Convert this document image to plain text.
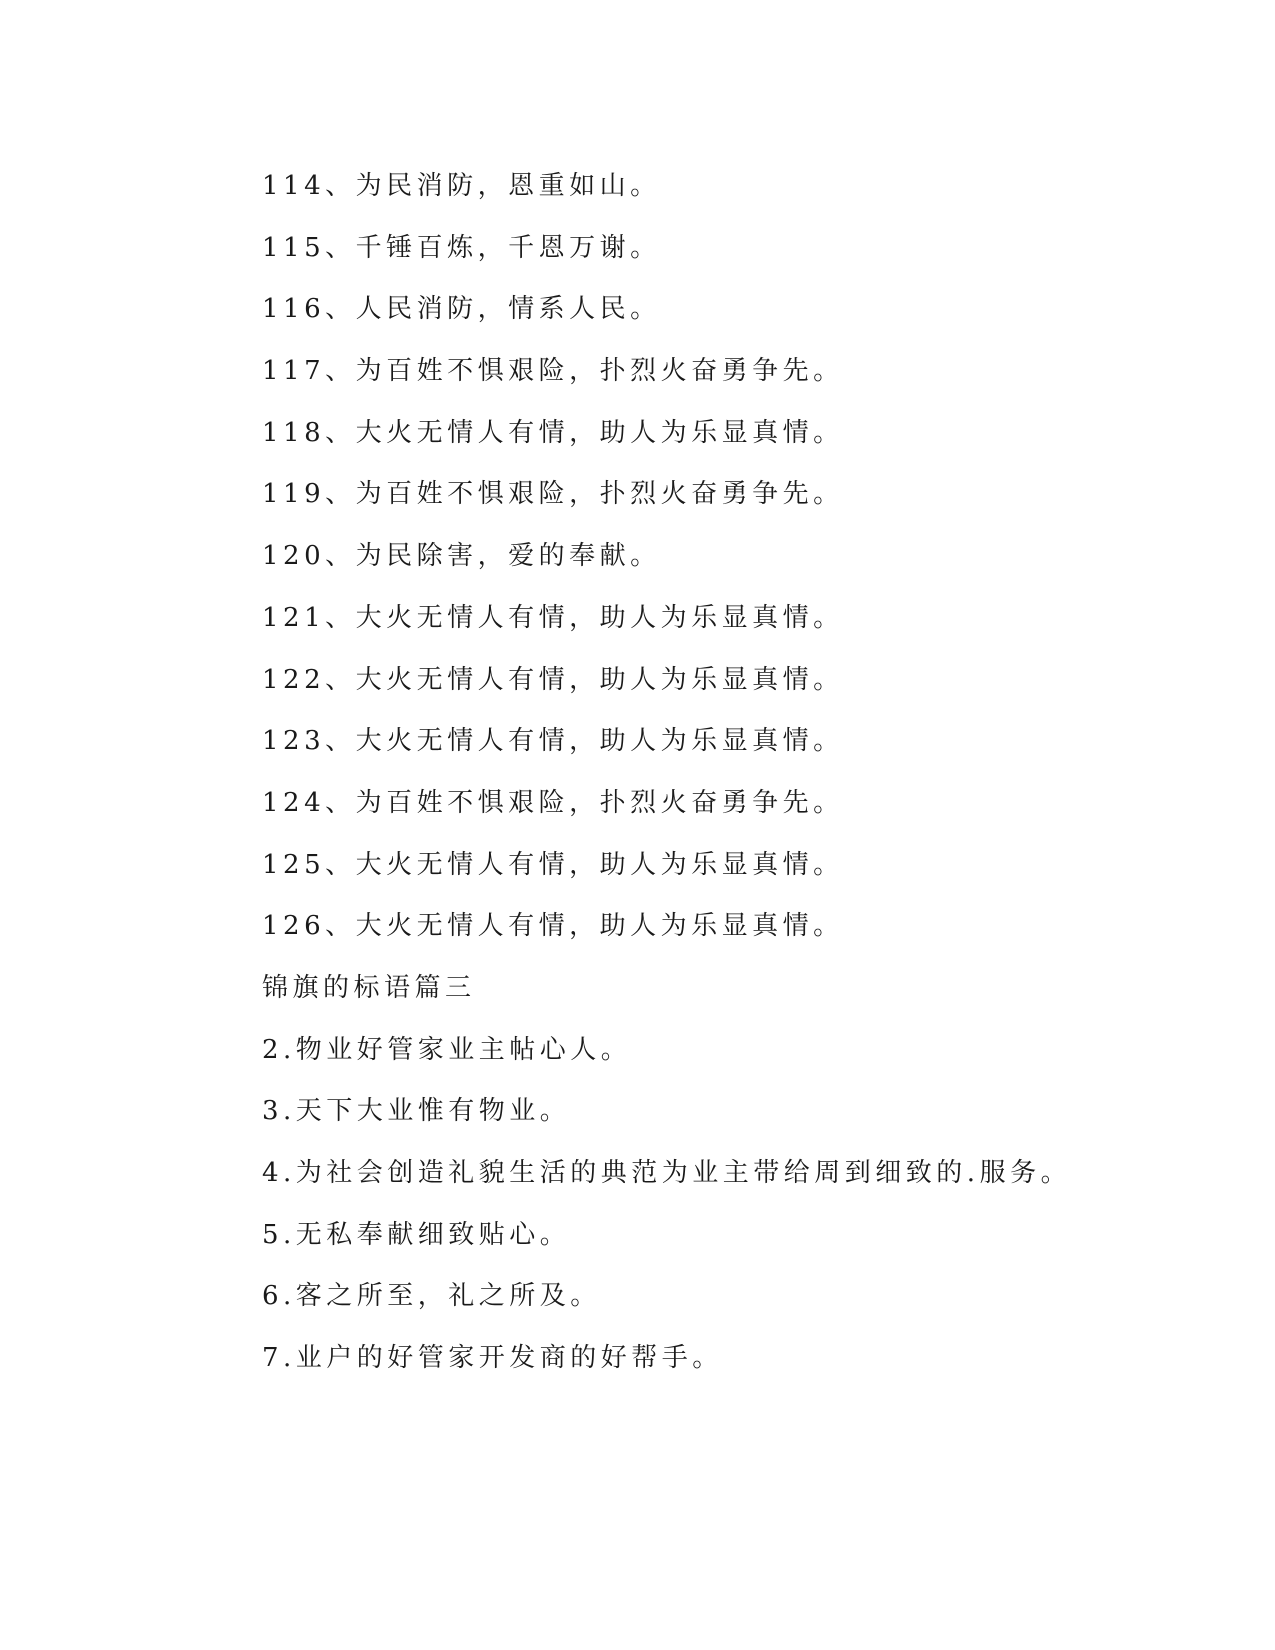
114、为民消防，恩重如山。
115、千锤百炼，千恩万谢。
116、人民消防，情系人民。
117、为百姓不惧艰险，扑烈火奋勇争先。
118、大火无情人有情，助人为乐显真情。
119、为百姓不惧艰险，扑烈火奋勇争先。
120、为民除害，爱的奉献。
121、大火无情人有情，助人为乐显真情。
122、大火无情人有情，助人为乐显真情。
123、大火无情人有情，助人为乐显真情。
124、为百姓不惧艰险，扑烈火奋勇争先。
125、大火无情人有情，助人为乐显真情。
126、大火无情人有情，助人为乐显真情。
锦旗的标语篇三
2.物业好管家业主帖心人。
3.天下大业惟有物业。
4.为社会创造礼貌生活的典范为业主带给周到细致的.服务。
5.无私奉献细致贴心。
6.客之所至，礼之所及。
7.业户的好管家开发商的好帮手。
